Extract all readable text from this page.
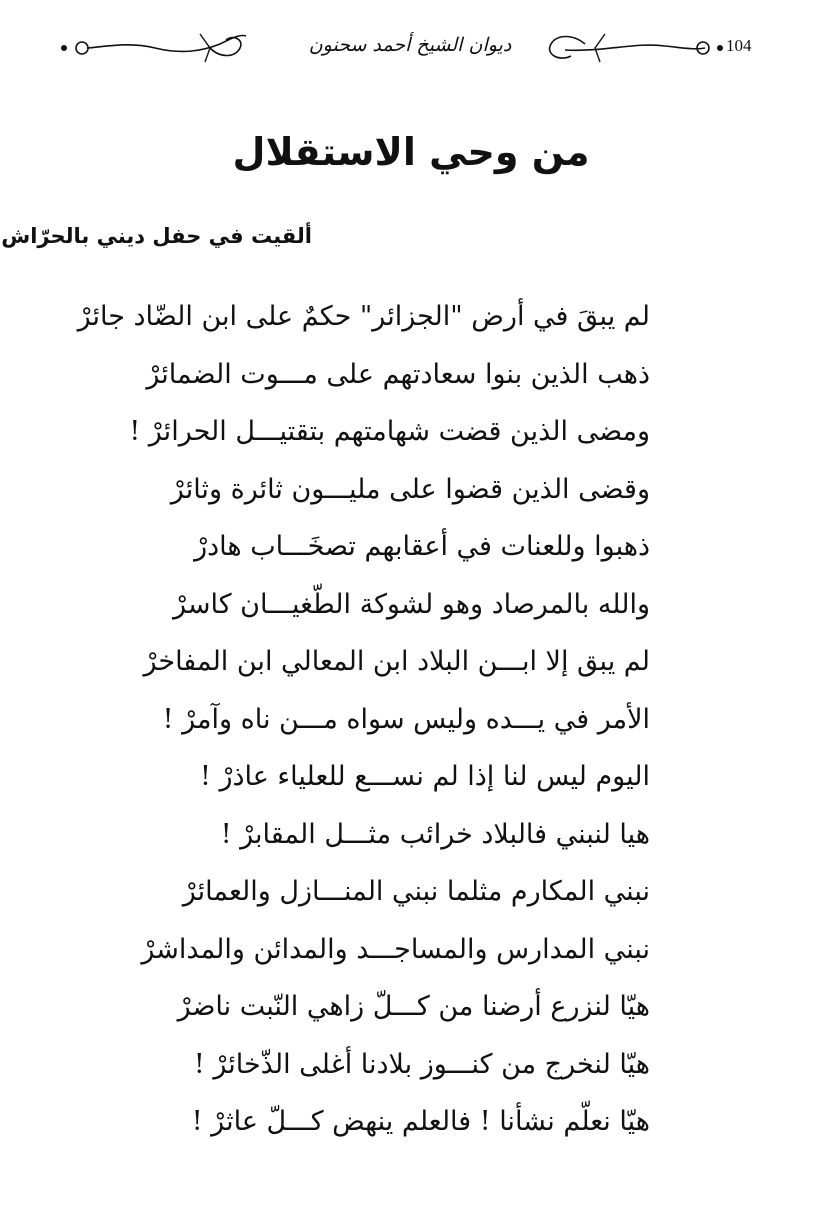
ديوان الشيخ أحمد سحنون	104
من وحي الاستقلال
ألقيت في حفل ديني بالحرّاش
لم يبقَ في أرض "الجزائر" حكمٌ على ابن الضّاد جائرْ
ذهب الذين بنوا سعادتهم على مـــوت الضمائرْ
ومضى الذين قضت شهامتهم بتقتيـــل الحرائرْ !
وقضى الذين قضوا على مليـــون ثائرة وثائرْ
ذهبوا وللعنات في أعقابهم تصخَـــاب هادرْ
والله بالمرصاد وهو لشوكة الطّغيـــان كاسرْ
لم يبق إلا ابـــن البلاد ابن المعالي ابن المفاخرْ
الأمر في يـــده وليس سواه مـــن ناه وآمرْ !
اليوم ليس لنا إذا لم نســـع للعلياء عاذرْ !
هيا لنبني فالبلاد خرائب مثـــل المقابرْ !
نبني المكارم مثلما نبني المنـــازل والعمائرْ
نبني المدارس والمساجـــد والمدائن والمداشرْ
هيّا لنزرع أرضنا من كـــلّ زاهي النّبت ناضرْ
هيّا لنخرج من كنـــوز بلادنا أغلى الذّخائرْ !
هيّا نعلّم نشأنا ! فالعلم ينهض كـــلّ عاثرْ !
